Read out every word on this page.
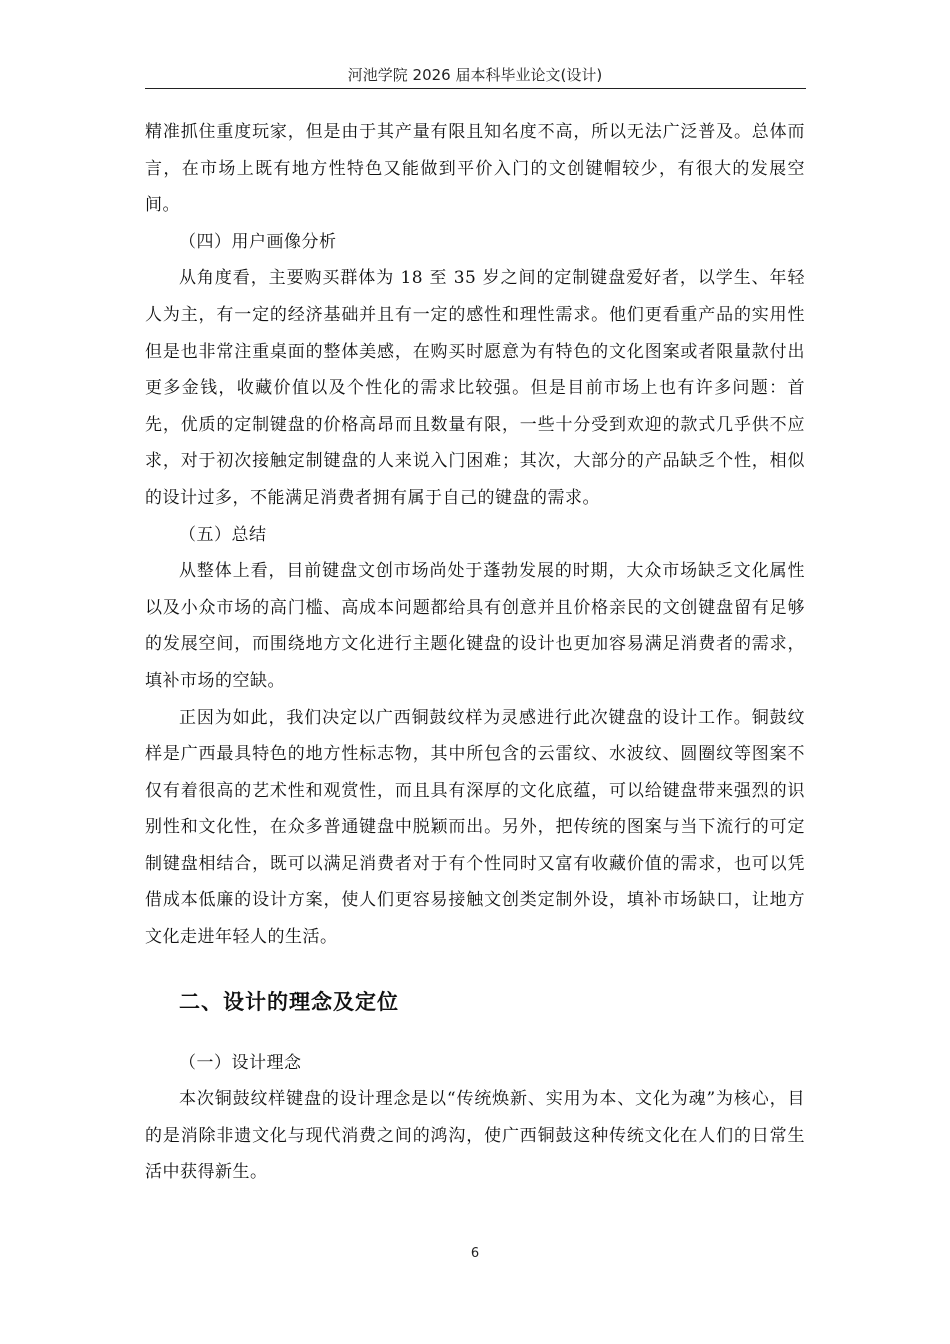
河池学院 2026 届本科毕业论文(设计)

精准抓住重度玩家，但是由于其产量有限且知名度不高，所以无法广泛普及。总体而言，在市场上既有地方性特色又能做到平价入门的文创键帽较少，有很大的发展空间。

（四）用户画像分析

从角度看，主要购买群体为 18 至 35 岁之间的定制键盘爱好者，以学生、年轻人为主，有一定的经济基础并且有一定的感性和理性需求。他们更看重产品的实用性但是也非常注重桌面的整体美感，在购买时愿意为有特色的文化图案或者限量款付出更多金钱，收藏价值以及个性化的需求比较强。但是目前市场上也有许多问题：首先，优质的定制键盘的价格高昂而且数量有限，一些十分受到欢迎的款式几乎供不应求，对于初次接触定制键盘的人来说入门困难；其次，大部分的产品缺乏个性，相似的设计过多，不能满足消费者拥有属于自己的键盘的需求。

（五）总结

从整体上看，目前键盘文创市场尚处于蓬勃发展的时期，大众市场缺乏文化属性以及小众市场的高门槛、高成本问题都给具有创意并且价格亲民的文创键盘留有足够的发展空间，而围绕地方文化进行主题化键盘的设计也更加容易满足消费者的需求，填补市场的空缺。

正因为如此，我们决定以广西铜鼓纹样为灵感进行此次键盘的设计工作。铜鼓纹样是广西最具特色的地方性标志物，其中所包含的云雷纹、水波纹、圆圈纹等图案不仅有着很高的艺术性和观赏性，而且具有深厚的文化底蕴，可以给键盘带来强烈的识别性和文化性，在众多普通键盘中脱颖而出。另外，把传统的图案与当下流行的可定制键盘相结合，既可以满足消费者对于有个性同时又富有收藏价值的需求，也可以凭借成本低廉的设计方案，使人们更容易接触文创类定制外设，填补市场缺口，让地方文化走进年轻人的生活。

二、设计的理念及定位

（一）设计理念

本次铜鼓纹样键盘的设计理念是以“传统焕新、实用为本、文化为魂”为核心，目的是消除非遗文化与现代消费之间的鸿沟，使广西铜鼓这种传统文化在人们的日常生活中获得新生。

6
